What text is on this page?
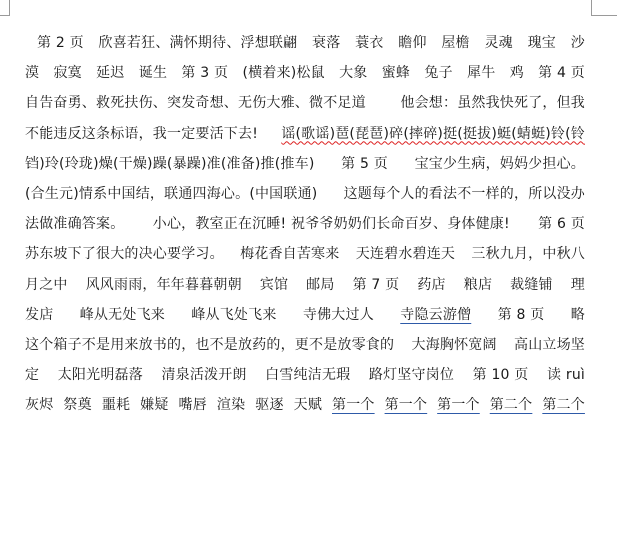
第 2 页 欣喜若狂、满怀期待、浮想联翩 衰落 蓑衣 瞻仰 屋檐 灵魂 瑰宝 沙
漠 寂寞 延迟 诞生 第 3 页 (横着来)松鼠 大象 蜜蜂 兔子 犀牛 鸡 第 4 页
自告奋勇、救死扶伤、突发奇想、无伤大雅、微不足道 他会想：虽然我快死了，但我
不能违反这条标语，我一定要活下去! 谣(歌谣)琶(琵琶)碎(摔碎)挺(挺拔)蜓(蜻蜓)铃(铃
铛)玲(玲珑)燥(干燥)躁(暴躁)准(准备)推(推车) 第 5 页 宝宝少生病，妈妈少担心。
(合生元)情系中国结，联通四海心。(中国联通) 这题每个人的看法不一样的，所以没办
法做准确答案。 小心，教室正在沉睡! 祝爷爷奶奶们长命百岁、身体健康! 第 6 页
苏东坡下了很大的决心要学习。 梅花香自苦寒来 天连碧水碧连天 三秋九月，中秋八
月之中 风风雨雨，年年暮暮朝朝 宾馆 邮局 第 7 页 药店 粮店 裁缝铺 理
发店 峰从无处飞来 峰从飞处飞来 寺佛大过人 寺隐云游僧 第 8 页 略
这个箱子不是用来放书的，也不是放药的，更不是放零食的 大海胸怀宽阔 高山立场坚
定 太阳光明磊落 清泉活泼开朗 白雪纯洁无瑕 路灯坚守岗位 第 10 页 读 ruì
灰烬 祭奠 噩耗 嫌疑 嘴唇 渲染 驱逐 天赋 第一个 第一个 第一个 第二个 第二个
